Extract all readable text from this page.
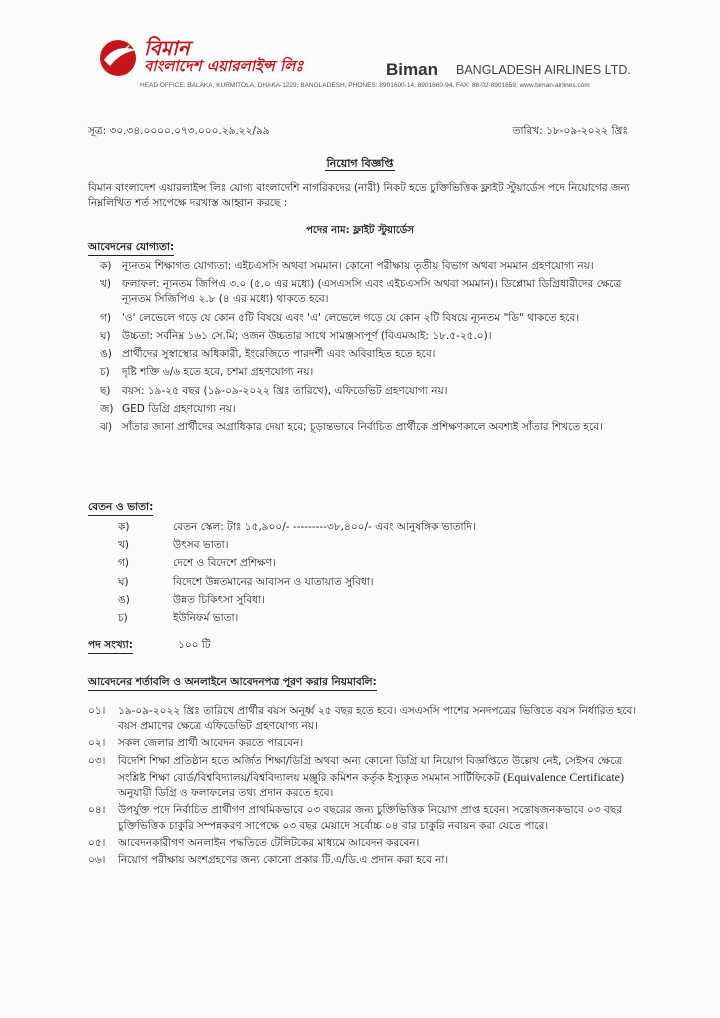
বিমান
বাংলাদেশ এয়ারলাইন্স লিঃ	Biman BANGLADESH AIRLINES LTD.
HEAD OFFICE: BALAKA, KURMITOLA, DHAKA-1229, BANGLADESH, PHONES: 8901600-14, 8901660-94, FAX: 88-02-8901659, www.biman-airlines.com
সূত্র: ৩০.৩৪.০০০০.০৭৩.০০০.২৯.২২/৯৯	তারিখ: ১৮-০৯-২০২২ খ্রিঃ
নিয়োগ বিজ্ঞপ্তি
বিমান বাংলাদেশ এয়ারলাইন্স লিঃ যোগ্য বাংলাদেশি নাগরিকদের (নারী) নিকট হতে চুক্তিভিত্তিক ফ্লাইট স্টুয়ার্ডেস পদে নিয়োগের জন্য নিম্নলিখিত শর্ত সাপেক্ষে দরখাস্ত আহ্বান করছে :
পদের নাম: ফ্লাইট স্টুয়ার্ডেস
আবেদনের যোগ্যতা:
ক)	ন্যূনতম শিক্ষাগত যোগ্যতা: এইচএসসি অথবা সমমান। কোনো পরীক্ষায় তৃতীয় বিভাগ অথবা সমমান গ্রহণযোগ্য নয়।
খ)	ফলাফল: ন্যূনতম জিপিএ ৩.০ (৫.০ এর মধ্যে) (এসএসসি এবং এইচএসসি অথবা সমমান)। ডিপ্লোমা ডিগ্রিধারীদের ক্ষেত্রে ন্যূনতম সিজিপিএ ২.৮ (৪ এর মধ্যে) থাকতে হবে।
গ)	'ও' লেভেলে গড়ে যে কোন ৫টি বিষয়ে এবং 'এ' লেভেলে গড়ে যে কোন ২টি বিষয়ে ন্যূনতম "ডি" থাকতে হবে।
ঘ)	উচ্চতা: সর্বনিম্ন ১৬১ সে.মি; ওজন উচ্চতার সাথে সামঞ্জস্যপূর্ণ (বিএমআই: ১৮.৫-২৫.০)।
ঙ) প্রার্থীদের সুস্বাস্থ্যের অধিকারী, ইংরেজিতে পারদর্শী এবং অবিবাহিত হতে হবে।
চ)	দৃষ্টি শক্তি ৬/৬ হতে হবে, চশমা গ্রহণযোগ্য নয়।
ছ)	বয়স: ১৯-২৫ বছর (১৯-০৯-২০২২ খ্রিঃ তারিখে), এফিডেভিট গ্রহণযোগ্য নয়।
জ) GED ডিগ্রি গ্রহণযোগ্য নয়।
ঝ) সাঁতার জানা প্রার্থীদের অগ্রাধিকার দেয়া হবে; চূড়ান্তভাবে নির্বাচিত প্রার্থীকে প্রশিক্ষণকালে অবশ্যই সাঁতার শিখতে হবে।
বেতন ও ভাতা:
ক)	বেতন স্কেল: টাঃ ১৫,৯০০/- ---------৩৮,৪০০/- এবং আনুষঙ্গিক ভাতাদি।
খ)	উৎসব ভাতা।
গ)	দেশে ও বিদেশে প্রশিক্ষণ।
ঘ)	বিদেশে উন্নতমানের আবাসন ও যাতায়াত সুবিধা।
ঙ)	উন্নত চিকিৎসা সুবিধা।
চ)	ইউনিফর্ম ভাতা।
পদ সংখ্যা:	১০০ টি
আবেদনের শর্তাবলি ও অনলাইনে আবেদনপত্র পূরণ করার নিয়মাবলি:
০১।	১৯-০৯-২০২২ খ্রিঃ তারিখে প্রার্থীর বয়স অনূর্ধ্ব ২৫ বছর হতে হবে। এসএসসি পাশের সনদপত্রের ভিত্তিতে বয়স নির্ধারিত হবে। বয়স প্রমাণের ক্ষেত্রে এফিডেভিট গ্রহণযোগ্য নয়।
০২।	সকল জেলার প্রার্থী আবেদন করতে পারবেন।
০৩।	বিদেশি শিক্ষা প্রতিষ্ঠান হতে অর্জিত শিক্ষা/ডিগ্রি অথবা অন্য কোনো ডিগ্রি যা নিয়োগ বিজ্ঞপ্তিতে উল্লেখ নেই, সেইসব ক্ষেত্রে সংশ্লিষ্ট শিক্ষা বোর্ড/বিশ্ববিদ্যালয়/বিশ্ববিদ্যালয় মঞ্জুরি কমিশন কর্তৃক ইস্যুকৃত সমমান সার্টিফিকেট (Equivalence Certificate) অনুযায়ী ডিগ্রি ও ফলাফলের তথ্য প্রদান করতে হবে।
০৪।	উপর্যুক্ত পদে নির্বাচিত প্রার্থীগণ প্রাথমিকভাবে ০৩ বছরের জন্য চুক্তিভিত্তিক নিয়োগ প্রাপ্ত হবেন। সন্তোষজনকভাবে ০৩ বছর চুক্তিভিত্তিক চাকুরি সম্পন্নকরণ সাপেক্ষে ০৩ বছর মেয়াদে সর্বোচ্চ ০৪ বার চাকুরি নবায়ন করা যেতে পারে।
০৫।	আবেদনকারীগণ অনলাইন পদ্ধতিতে টেলিটকের মাধ্যমে আবেদন করবেন।
০৬।	নিয়োগ পরীক্ষায় অংশগ্রহণের জন্য কোনো প্রকার টি.এ/ডি.এ প্রদান করা হবে না।
